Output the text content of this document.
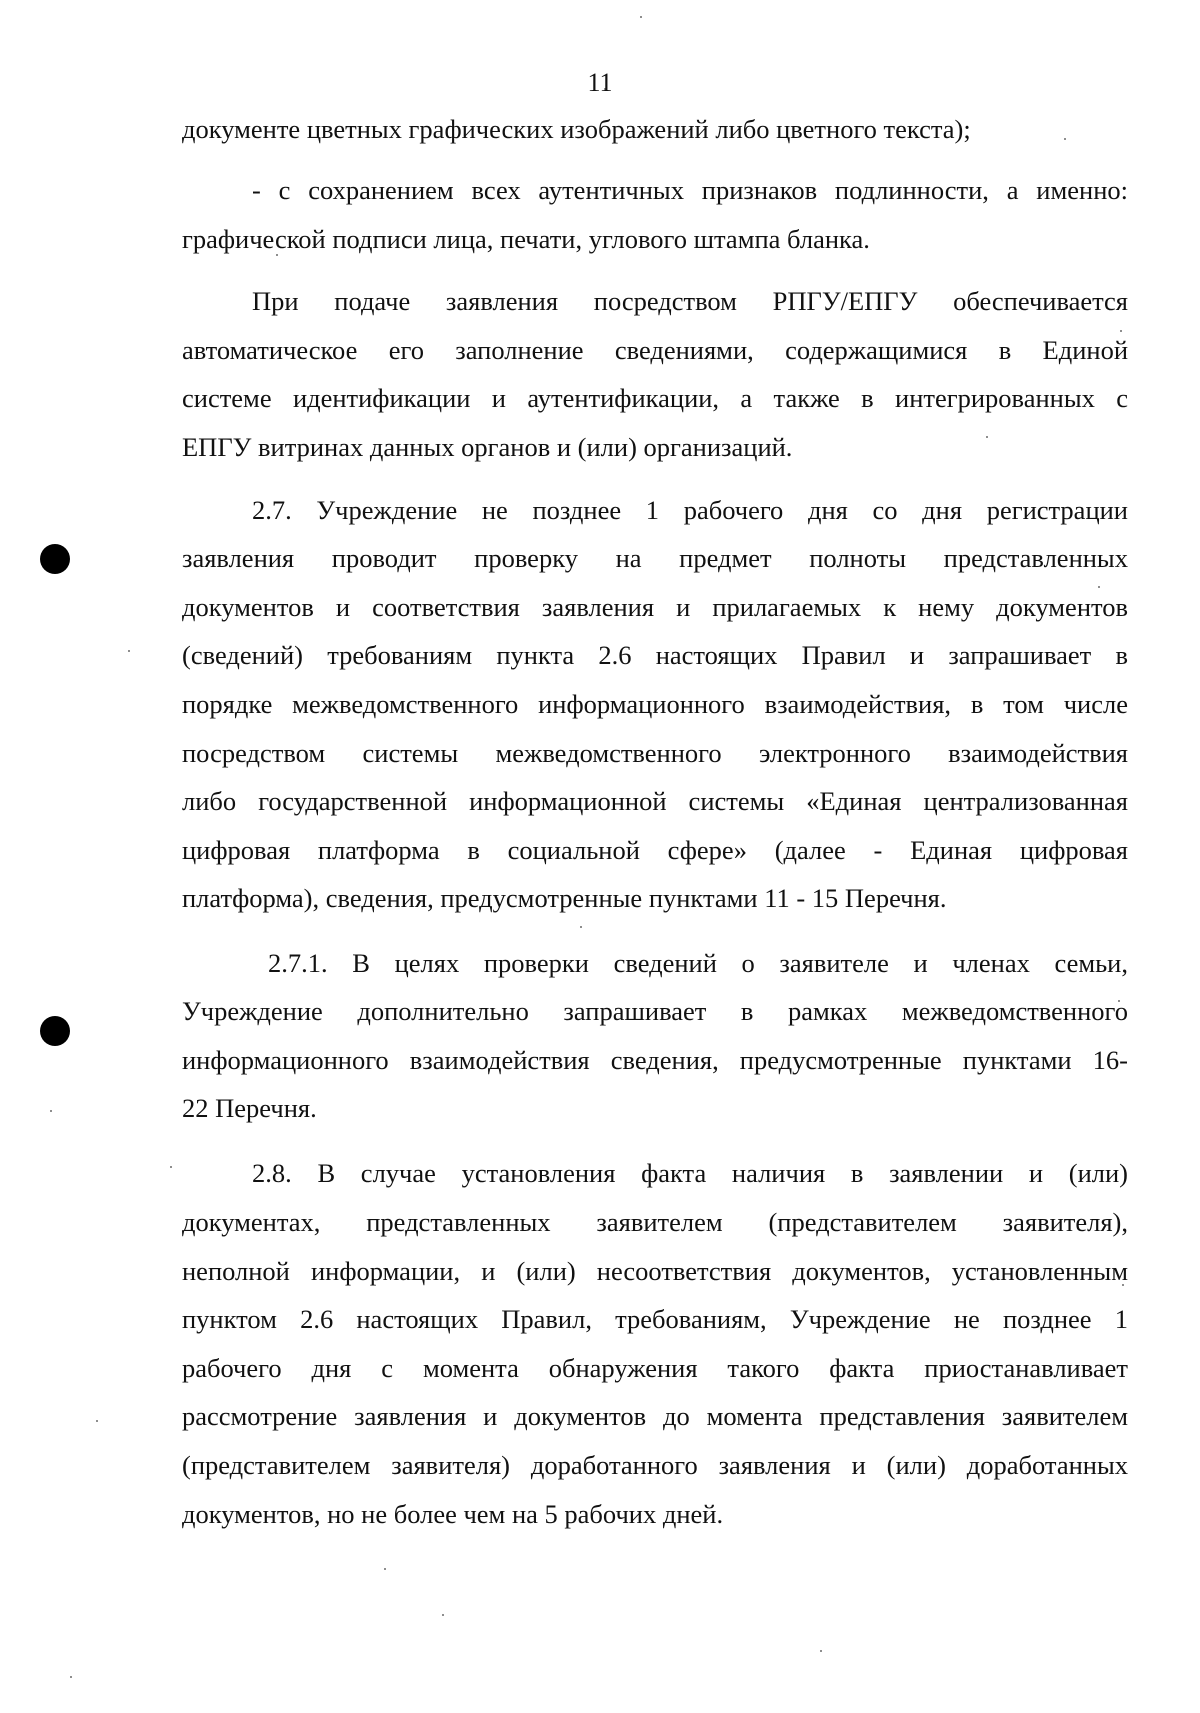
11
документе цветных графических изображений либо цветного текста);
- с сохранением всех аутентичных признаков подлинности, а именно:
графической подписи лица, печати, углового штампа бланка.
При подаче заявления посредством РПГУ/ЕПГУ обеспечивается
автоматическое его заполнение сведениями, содержащимися в Единой
системе идентификации и аутентификации, а также в интегрированных с
ЕПГУ витринах данных органов и (или) организаций.
2.7. Учреждение не позднее 1 рабочего дня со дня регистрации
заявления проводит проверку на предмет полноты представленных
документов и соответствия заявления и прилагаемых к нему документов
(сведений) требованиям пункта 2.6 настоящих Правил и запрашивает в
порядке межведомственного информационного взаимодействия, в том числе
посредством системы межведомственного электронного взаимодействия
либо государственной информационной системы «Единая централизованная
цифровая платформа в социальной сфере» (далее - Единая цифровая
платформа), сведения, предусмотренные пунктами 11 - 15 Перечня.
2.7.1. В целях проверки сведений о заявителе и членах семьи,
Учреждение дополнительно запрашивает в рамках межведомственного
информационного взаимодействия сведения, предусмотренные пунктами 16-
22 Перечня.
2.8. В случае установления факта наличия в заявлении и (или)
документах, представленных заявителем (представителем заявителя),
неполной информации, и (или) несоответствия документов, установленным
пунктом 2.6 настоящих Правил, требованиям, Учреждение не позднее 1
рабочего дня с момента обнаружения такого факта приостанавливает
рассмотрение заявления и документов до момента представления заявителем
(представителем заявителя) доработанного заявления и (или) доработанных
документов, но не более чем на 5 рабочих дней.
